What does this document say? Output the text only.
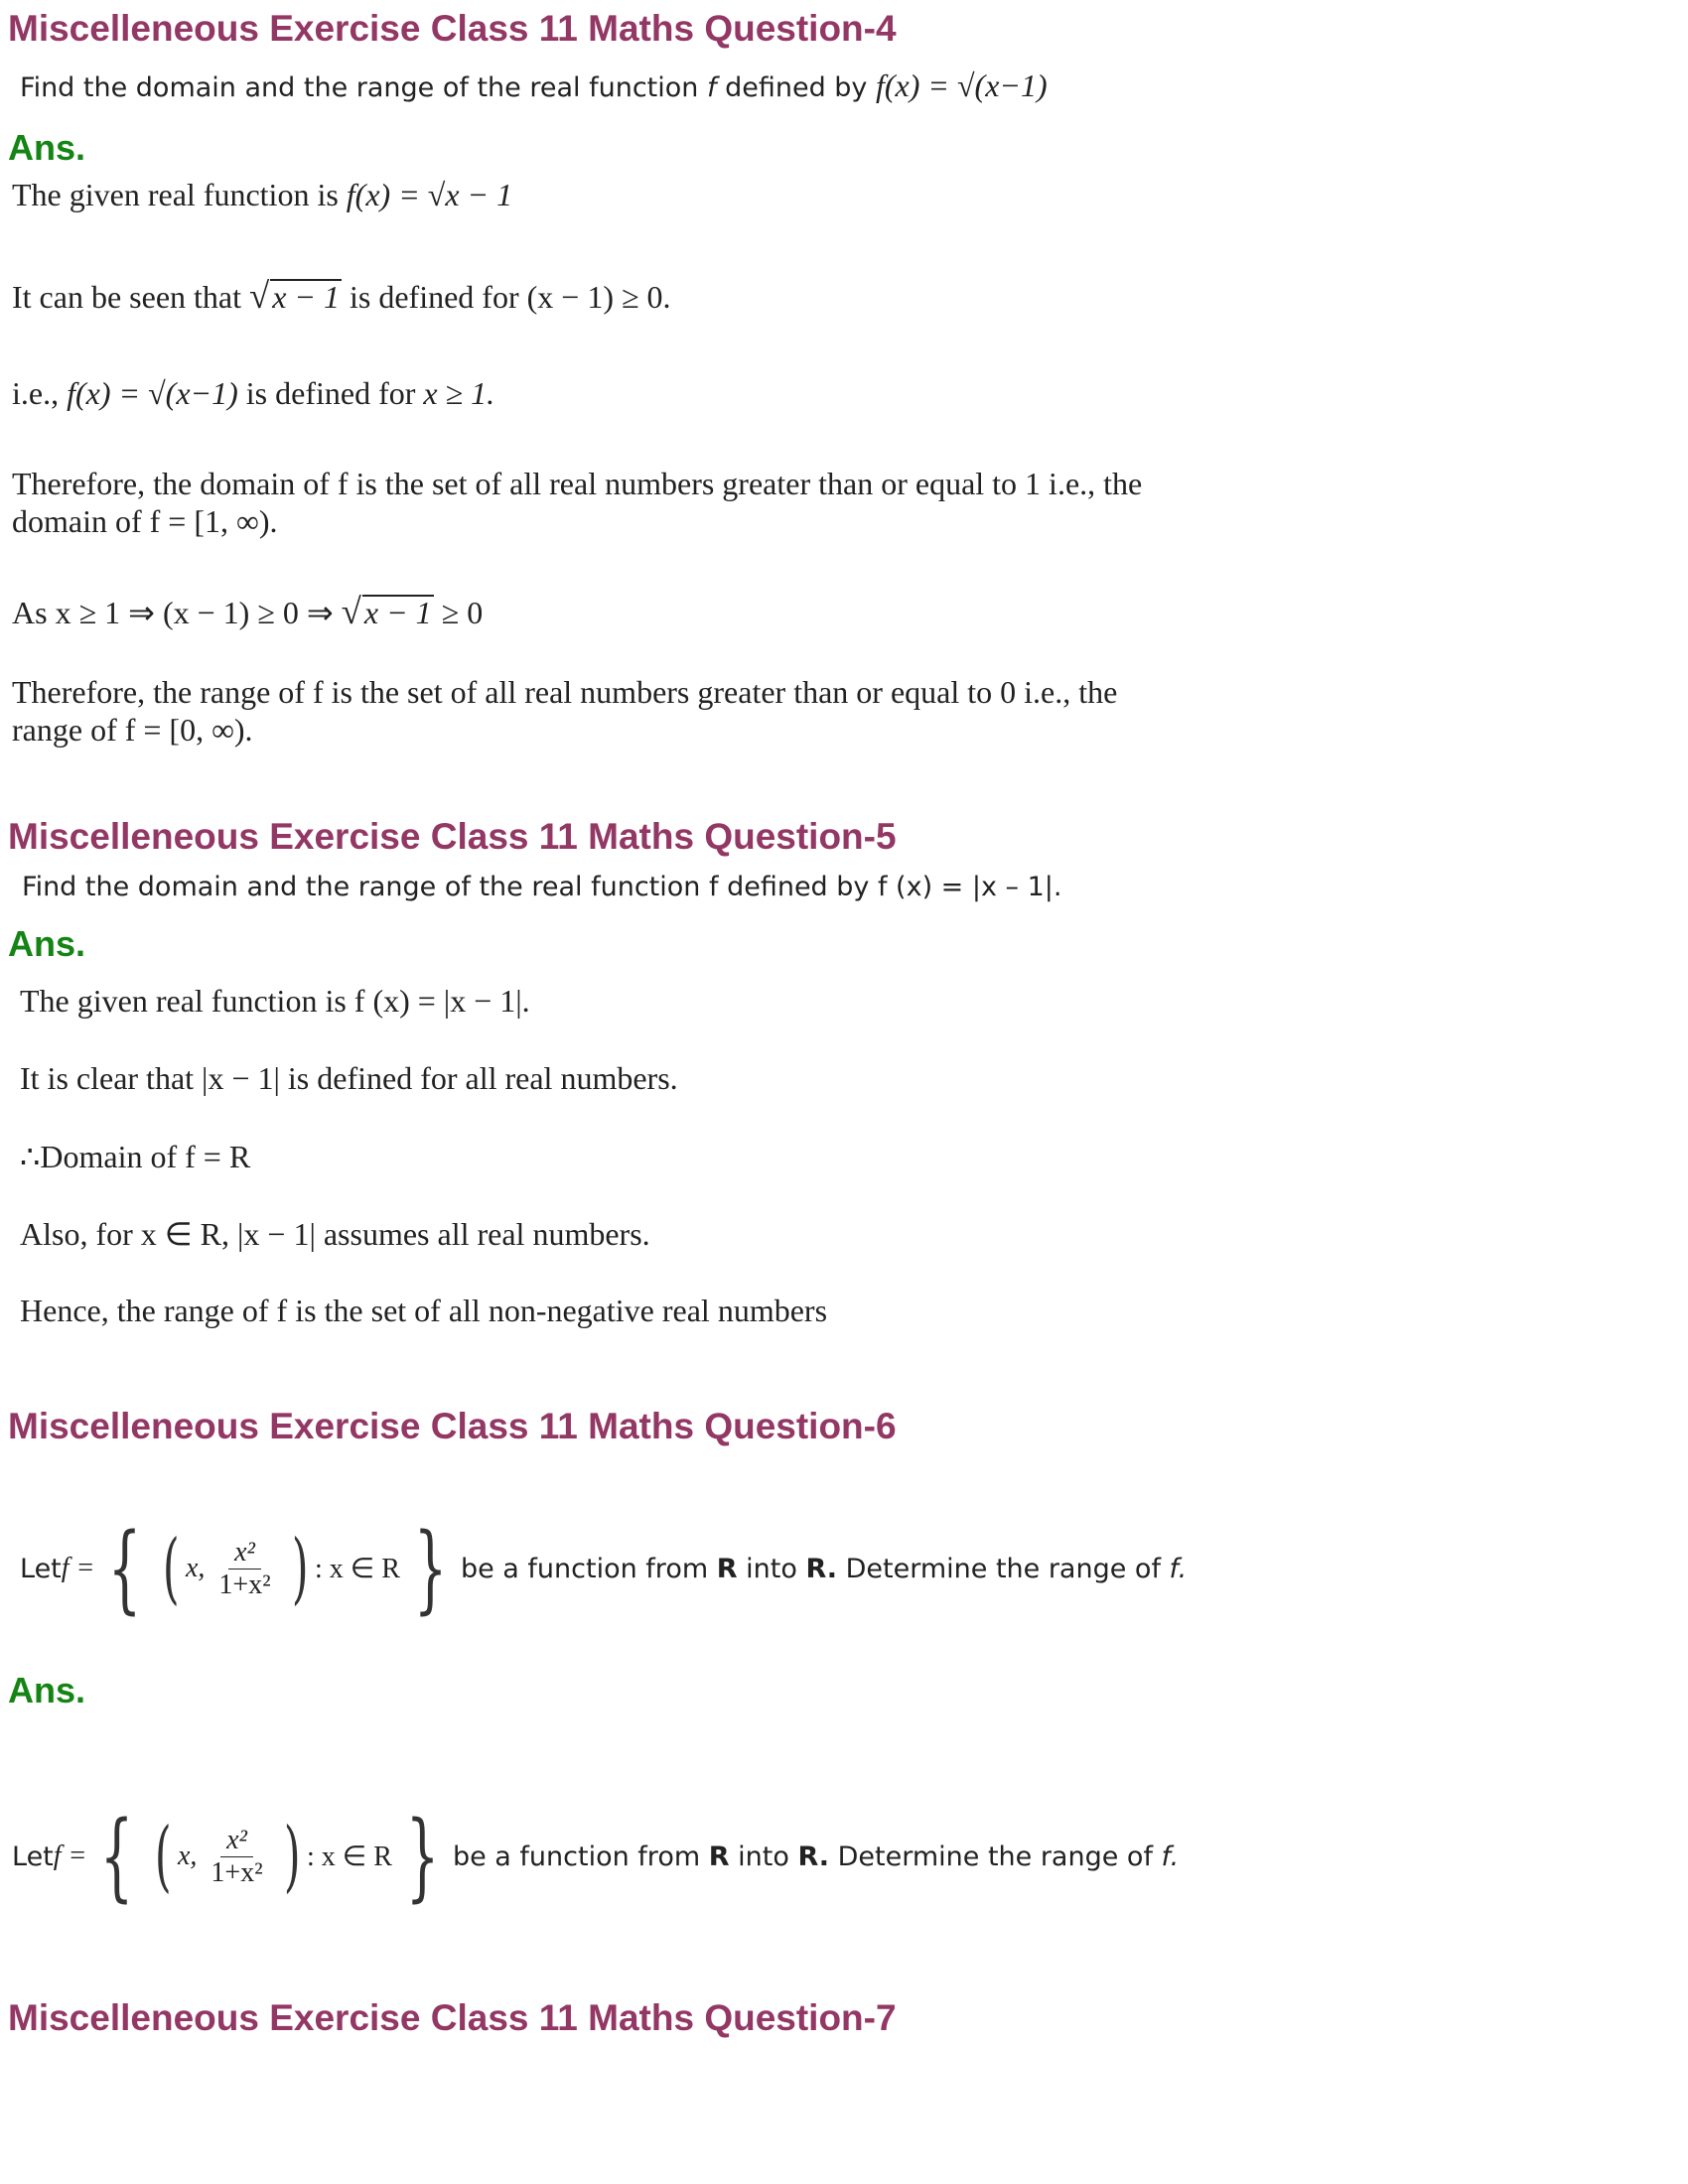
Miscelleneous Exercise Class 11 Maths Question-4

Find the domain and the range of the real function f defined by f(x) = √(x−1)

Ans.

The given real function is f(x) = √x − 1

It can be seen that √x − 1 is defined for (x − 1) ≥ 0.

i.e., f(x) = √(x−1) is defined for x ≥ 1.

Therefore, the domain of f is the set of all real numbers greater than or equal to 1 i.e., the domain of f = [1, ∞).

As x ≥ 1 ⇒ (x − 1) ≥ 0 ⇒ √x − 1 ≥ 0

Therefore, the range of f is the set of all real numbers greater than or equal to 0 i.e., the range of f = [0, ∞).

Miscelleneous Exercise Class 11 Maths Question-5

Find the domain and the range of the real function f defined by f (x) = |x – 1|.

Ans.

The given real function is f (x) = |x − 1|.

It is clear that |x − 1| is defined for all real numbers.

∴Domain of f = R

Also, for x ∈ R, |x − 1| assumes all real numbers.

Hence, the range of f is the set of all non-negative real numbers

Miscelleneous Exercise Class 11 Maths Question-6
Let f = { ( x, $\frac{\text{x²}}{\text{1+x²}}$ ) : x ∈ R } be a function from
R
into
R.
Determine the range of
f.
Ans.
Let f = { ( x, $\frac{\text{x²}}{\text{1+x²}}$ ) : x ∈ R } be a function from
R
into
R.
Determine the range of
f.
Miscelleneous Exercise Class 11 Maths Question-7
